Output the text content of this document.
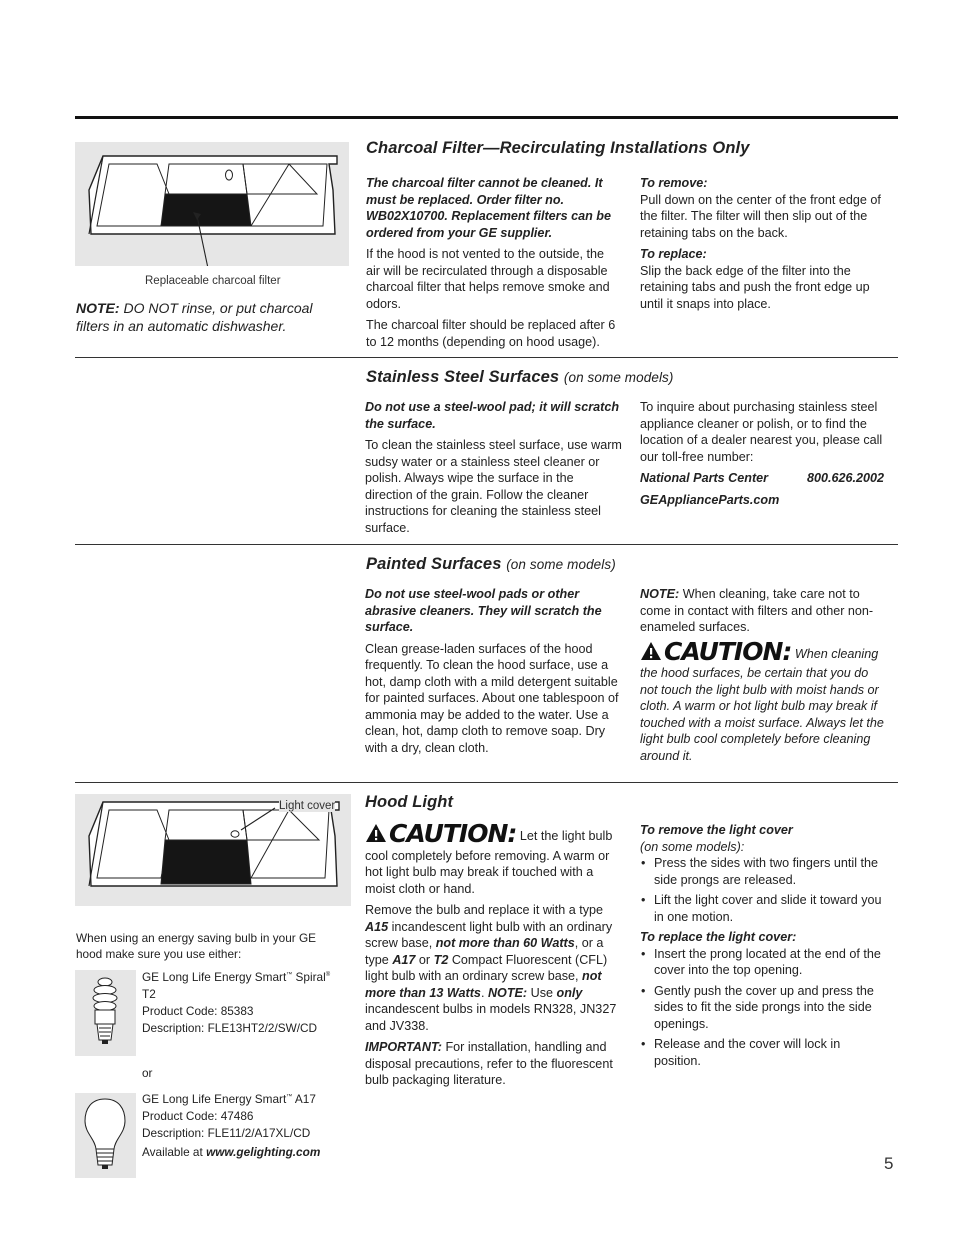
Replaceable charcoal filter
NOTE: DO NOT rinse, or put charcoal filters in an automatic dishwasher.
Charcoal Filter—Recirculating Installations Only
The charcoal filter cannot be cleaned. It must be replaced. Order filter no. WB02X10700. Replacement filters can be ordered from your GE supplier.
If the hood is not vented to the outside, the air will be recirculated through a disposable charcoal filter that helps remove smoke and odors.
The charcoal filter should be replaced after 6 to 12 months (depending on hood usage).
To remove:
Pull down on the center of the front edge of the filter. The filter will then slip out of the retaining tabs on the back.
To replace:
Slip the back edge of the filter into the retaining tabs and push the front edge up until it snaps into place.
Stainless Steel Surfaces (on some models)
Do not use a steel-wool pad; it will scratch the surface.
To clean the stainless steel surface, use warm sudsy water or a stainless steel cleaner or polish. Always wipe the surface in the direction of the grain. Follow the cleaner instructions for cleaning the stainless steel surface.
To inquire about purchasing stainless steel appliance cleaner or polish, or to find the location of a dealer nearest you, please call our toll-free number:
National Parts Center	800.626.2002
GEApplianceParts.com
Painted Surfaces (on some models)
Do not use steel-wool pads or other abrasive cleaners. They will scratch the surface.
Clean grease-laden surfaces of the hood frequently. To clean the hood surface, use a hot, damp cloth with a mild detergent suitable for painted surfaces. About one tablespoon of ammonia may be added to the water. Use a clean, hot, damp cloth to remove soap. Dry with a dry, clean cloth.
NOTE: When cleaning, take care not to come in contact with filters and other non-enameled surfaces.
CAUTION: When cleaning the hood surfaces, be certain that you do not touch the light bulb with moist hands or cloth. A warm or hot light bulb may break if touched with a moist surface. Always let the light bulb cool completely before cleaning around it.
Light cover
When using an energy saving bulb in your GE hood make sure you use either:
GE Long Life Energy Smart™ Spiral® T2
Product Code: 85383
Description: FLE13HT2/2/SW/CD
or
GE Long Life Energy Smart™ A17
Product Code: 47486
Description: FLE11/2/A17XL/CD
Available at www.gelighting.com
Hood Light
CAUTION: Let the light bulb cool completely before removing. A warm or hot light bulb may break if touched with a moist cloth or hand.
Remove the bulb and replace it with a type A15 incandescent light bulb with an ordinary screw base, not more than 60 Watts, or a type A17 or T2 Compact Fluorescent (CFL) light bulb with an ordinary screw base, not more than 13 Watts. NOTE: Use only incandescent bulbs in models RN328, JN327 and JV338.
IMPORTANT: For installation, handling and disposal precautions, refer to the fluorescent bulb packaging literature.
To remove the light cover
(on some models):
• Press the sides with two fingers until the side prongs are released.
• Lift the light cover and slide it toward you in one motion.
To replace the light cover:
• Insert the prong located at the end of the cover into the top opening.
• Gently push the cover up and press the sides to fit the side prongs into the side openings.
• Release and the cover will lock in position.
5
